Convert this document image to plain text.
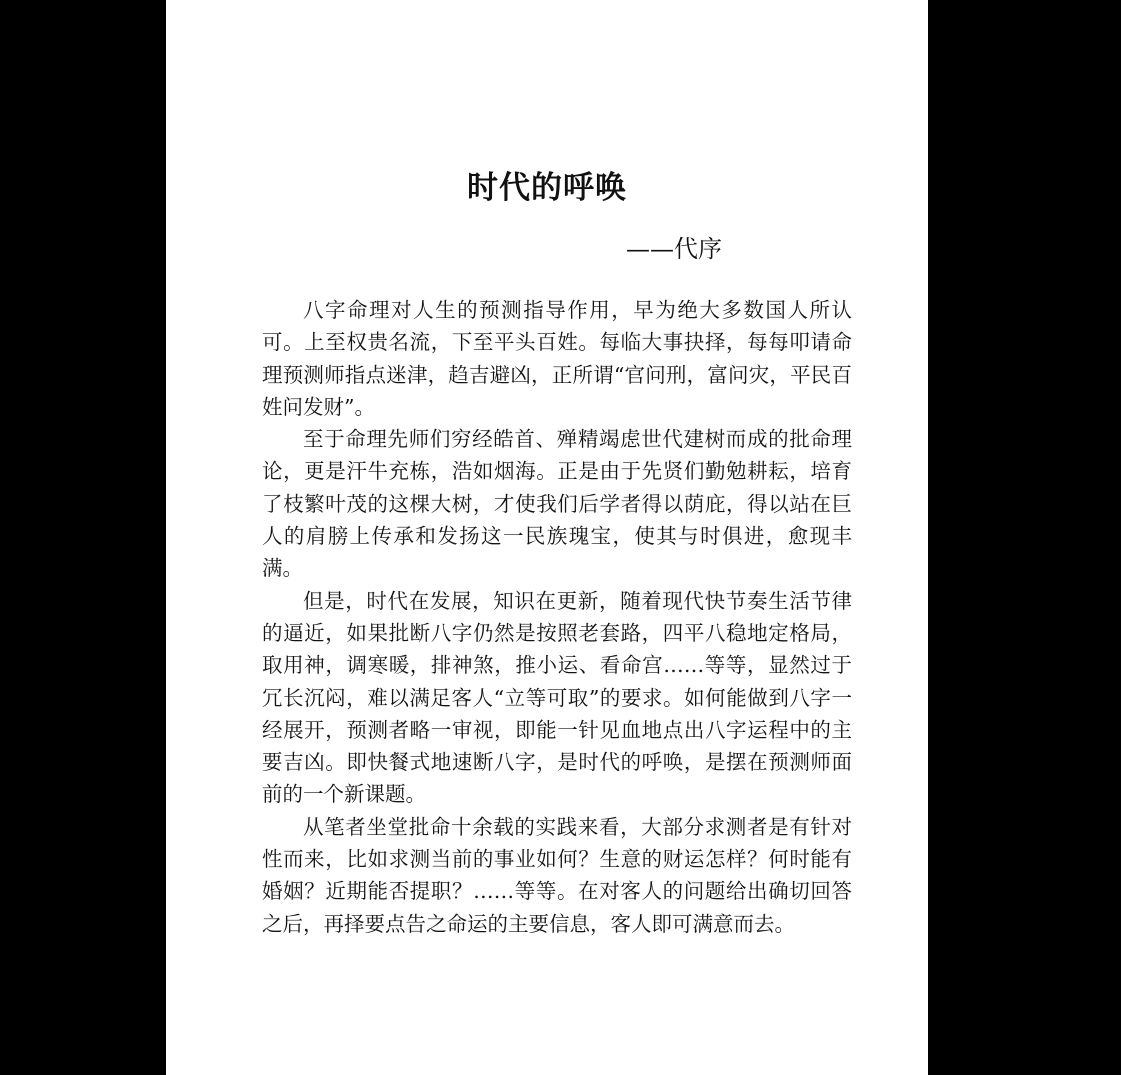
时代的呼唤
——代序

八字命理对人生的预测指导作用，早为绝大多数国人所认可。上至权贵名流，下至平头百姓。每临大事抉择，每每叩请命理预测师指点迷津，趋吉避凶，正所谓“官问刑，富问灾，平民百姓问发财”。

至于命理先师们穷经皓首、殚精竭虑世代建树而成的批命理论，更是汗牛充栋，浩如烟海。正是由于先贤们勤勉耕耘，培育了枝繁叶茂的这棵大树，才使我们后学者得以荫庇，得以站在巨人的肩膀上传承和发扬这一民族瑰宝，使其与时俱进，愈现丰满。

但是，时代在发展，知识在更新，随着现代快节奏生活节律的逼近，如果批断八字仍然是按照老套路，四平八稳地定格局，取用神，调寒暖，排神煞，推小运、看命宫……等等，显然过于冗长沉闷，难以满足客人“立等可取”的要求。如何能做到八字一经展开，预测者略一审视，即能一针见血地点出八字运程中的主要吉凶。即快餐式地速断八字，是时代的呼唤，是摆在预测师面前的一个新课题。

从笔者坐堂批命十余载的实践来看，大部分求测者是有针对性而来，比如求测当前的事业如何？生意的财运怎样？何时能有婚姻？近期能否提职？……等等。在对客人的问题给出确切回答之后，再择要点告之命运的主要信息，客人即可满意而去。
